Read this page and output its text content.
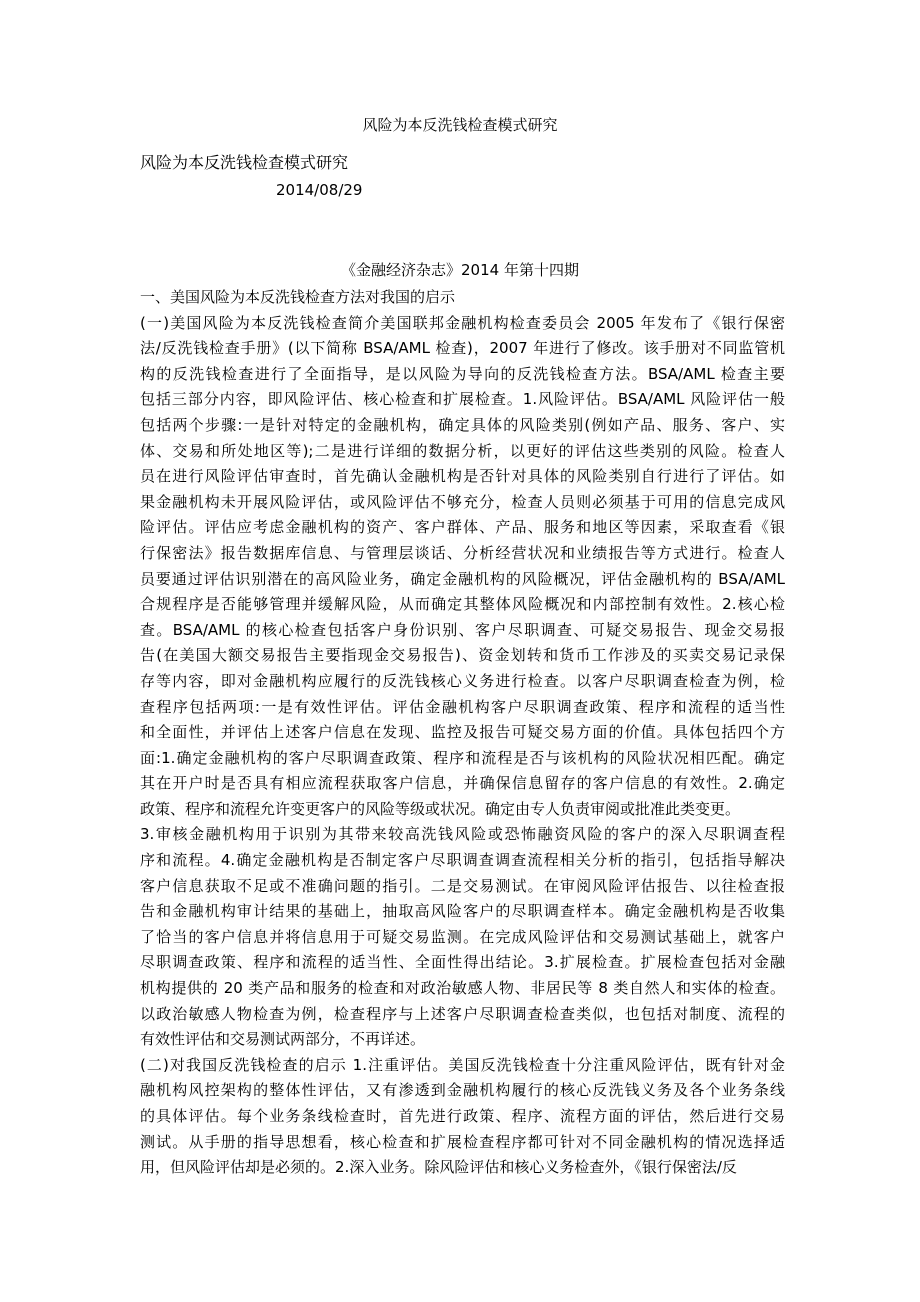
风险为本反洗钱检查模式研究
风险为本反洗钱检查模式研究
2014/08/29
《金融经济杂志》2014 年第十四期
一、美国风险为本反洗钱检查方法对我国的启示
(一)美国风险为本反洗钱检查简介美国联邦金融机构检查委员会 2005 年发布了《银行保密
法/反洗钱检查手册》(以下简称 BSA/AML 检查)，2007 年进行了修改。该手册对不同监管机
构的反洗钱检查进行了全面指导，是以风险为导向的反洗钱检查方法。BSA/AML 检查主要
包括三部分内容，即风险评估、核心检查和扩展检查。1.风险评估。BSA/AML 风险评估一般
包括两个步骤:一是针对特定的金融机构，确定具体的风险类别(例如产品、服务、客户、实
体、交易和所处地区等);二是进行详细的数据分析，以更好的评估这些类别的风险。检查人
员在进行风险评估审查时，首先确认金融机构是否针对具体的风险类别自行进行了评估。如
果金融机构未开展风险评估，或风险评估不够充分，检查人员则必须基于可用的信息完成风
险评估。评估应考虑金融机构的资产、客户群体、产品、服务和地区等因素，采取查看《银
行保密法》报告数据库信息、与管理层谈话、分析经营状况和业绩报告等方式进行。检查人
员要通过评估识别潜在的高风险业务，确定金融机构的风险概况，评估金融机构的 BSA/AML
合规程序是否能够管理并缓解风险，从而确定其整体风险概况和内部控制有效性。2.核心检
查。BSA/AML 的核心检查包括客户身份识别、客户尽职调查、可疑交易报告、现金交易报
告(在美国大额交易报告主要指现金交易报告)、资金划转和货币工作涉及的买卖交易记录保
存等内容，即对金融机构应履行的反洗钱核心义务进行检查。以客户尽职调查检查为例，检
查程序包括两项:一是有效性评估。评估金融机构客户尽职调查政策、程序和流程的适当性
和全面性，并评估上述客户信息在发现、监控及报告可疑交易方面的价值。具体包括四个方
面:1.确定金融机构的客户尽职调查政策、程序和流程是否与该机构的风险状况相匹配。确定
其在开户时是否具有相应流程获取客户信息，并确保信息留存的客户信息的有效性。2.确定
政策、程序和流程允许变更客户的风险等级或状况。确定由专人负责审阅或批准此类变更。
3.审核金融机构用于识别为其带来较高洗钱风险或恐怖融资风险的客户的深入尽职调查程
序和流程。4.确定金融机构是否制定客户尽职调查调查流程相关分析的指引，包括指导解决
客户信息获取不足或不准确问题的指引。二是交易测试。在审阅风险评估报告、以往检查报
告和金融机构审计结果的基础上，抽取高风险客户的尽职调查样本。确定金融机构是否收集
了恰当的客户信息并将信息用于可疑交易监测。在完成风险评估和交易测试基础上，就客户
尽职调查政策、程序和流程的适当性、全面性得出结论。3.扩展检查。扩展检查包括对金融
机构提供的 20 类产品和服务的检查和对政治敏感人物、非居民等 8 类自然人和实体的检查。
以政治敏感人物检查为例，检查程序与上述客户尽职调查检查类似，也包括对制度、流程的
有效性评估和交易测试两部分，不再详述。
(二)对我国反洗钱检查的启示 1.注重评估。美国反洗钱检查十分注重风险评估，既有针对金
融机构风控架构的整体性评估，又有渗透到金融机构履行的核心反洗钱义务及各个业务条线
的具体评估。每个业务条线检查时，首先进行政策、程序、流程方面的评估，然后进行交易
测试。从手册的指导思想看，核心检查和扩展检查程序都可针对不同金融机构的情况选择适
用，但风险评估却是必须的。2.深入业务。除风险评估和核心义务检查外，《银行保密法/反
